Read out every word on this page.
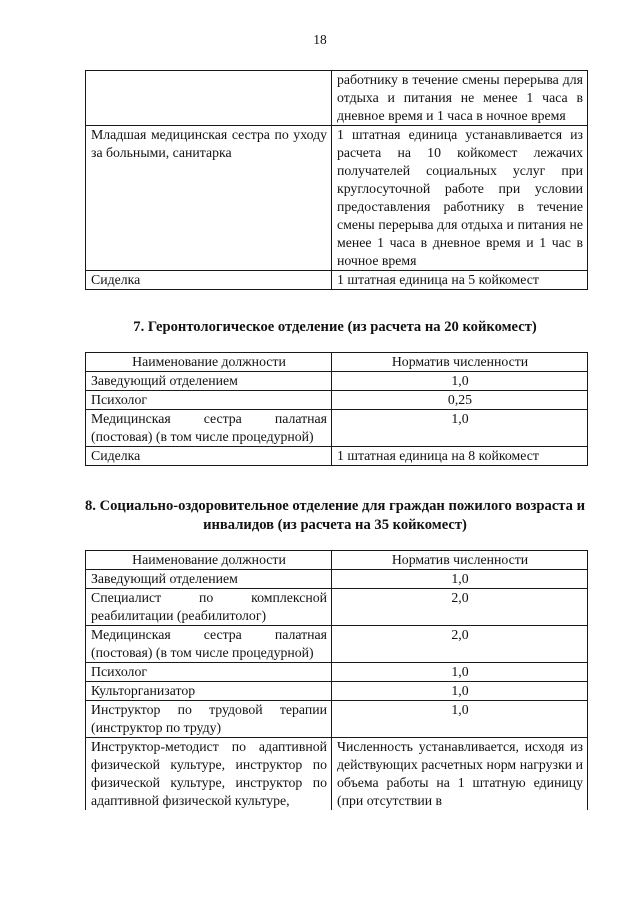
18
	работнику в течение смены перерыва для отдыха и питания не менее 1 часа в дневное время и 1 часа в ночное время
Младшая медицинская сестра по уходу за больными, санитарка	1 штатная единица устанавливается из расчета на 10 койкомест лежачих получателей социальных услуг при круглосуточной работе при условии предоставления работнику в течение смены перерыва для отдыха и питания не менее 1 часа в дневное время и 1 час в ночное время
Сиделка	1 штатная единица на 5 койкомест
7. Геронтологическое отделение (из расчета на 20 койкомест)
Наименование должности	Норматив численности
Заведующий отделением	1,0
Психолог	0,25
Медицинская сестра палатная (постовая) (в том числе процедурной)	1,0
Сиделка	1 штатная единица на 8 койкомест
8. Социально-оздоровительное отделение для граждан пожилого возраста и инвалидов (из расчета на 35 койкомест)
Наименование должности	Норматив численности
Заведующий отделением	1,0
Специалист по комплексной реабилитации (реабилитолог)	2,0
Медицинская сестра палатная (постовая) (в том числе процедурной)	2,0
Психолог	1,0
Культорганизатор	1,0
Инструктор по трудовой терапии (инструктор по труду)	1,0
Инструктор-методист по адаптивной физической культуре, инструктор по физической культуре, инструктор по адаптивной физической культуре,	Численность устанавливается, исходя из действующих расчетных норм нагрузки и объема работы на 1 штатную единицу (при отсутствии в
